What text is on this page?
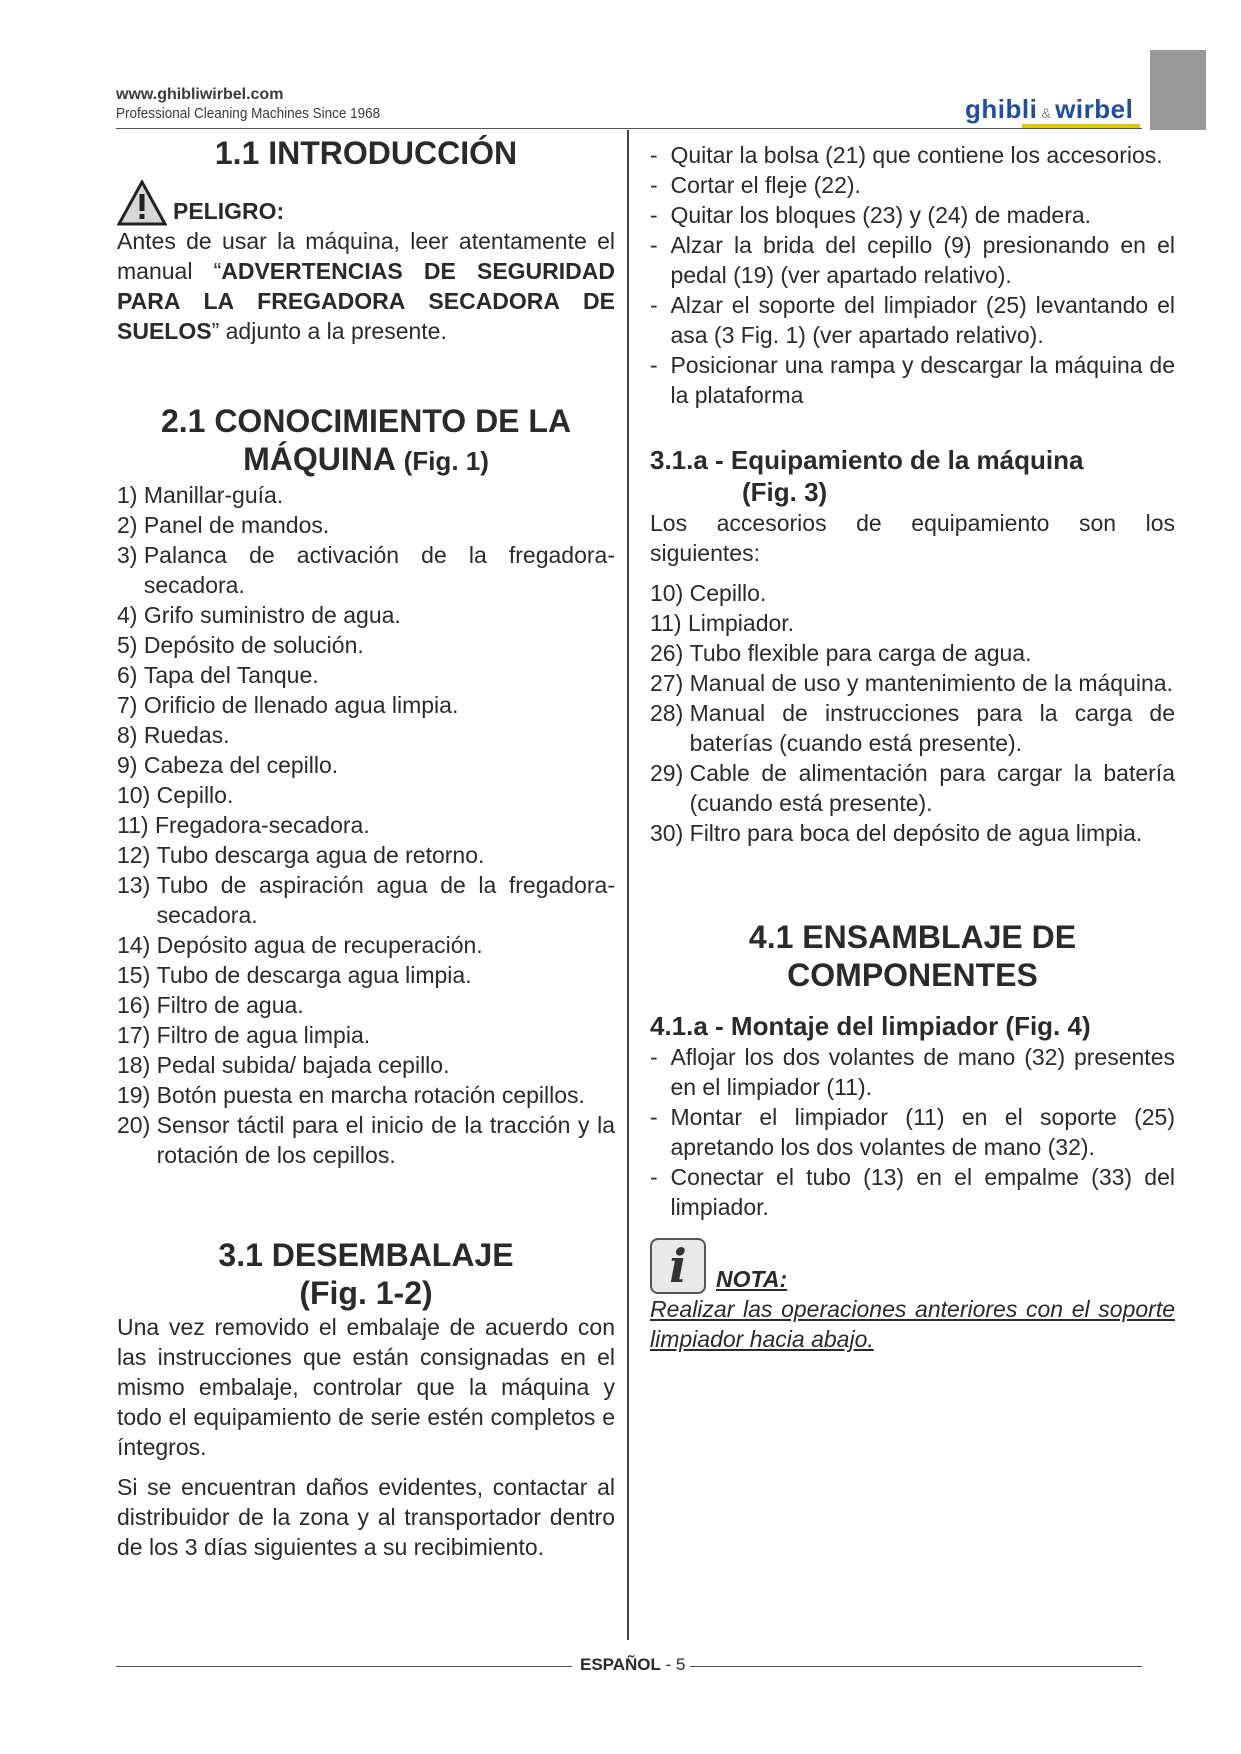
www.ghibliwirbel.com
Professional Cleaning Machines Since 1968	ghibli & wirbel
1.1 INTRODUCCIÓN
PELIGRO:

Antes de usar la máquina, leer atentamente el manual “ADVERTENCIAS DE SEGURIDAD PARA LA FREGADORA SECADORA DE SUELOS” adjunto a la presente.

2.1 CONOCIMIENTO DE LA
MÁQUINA (Fig. 1)
1) Manillar-guía.
2) Panel de mandos.
3) Palanca de activación de la fregadora-secadora.
4) Grifo suministro de agua.
5) Depósito de solución.
6) Tapa del Tanque.
7) Orificio de llenado agua limpia.
8) Ruedas.
9) Cabeza del cepillo.
10) Cepillo.
11) Fregadora-secadora.
12) Tubo descarga agua de retorno.
13) Tubo de aspiración agua de la fregadora-secadora.
14) Depósito agua de recuperación.
15) Tubo de descarga agua limpia.
16) Filtro de agua.
17) Filtro de agua limpia.
18) Pedal subida/ bajada cepillo.
19) Botón puesta en marcha rotación cepillos.
20) Sensor táctil para el inicio de la tracción y la rotación de los cepillos.
3.1 DESEMBALAJE
(Fig. 1-2)

Una vez removido el embalaje de acuerdo con las instrucciones que están consignadas en el mismo embalaje, controlar que la máquina y todo el equipamiento de serie estén completos e íntegros.

Si se encuentran daños evidentes, contactar al distribuidor de la zona y al transportador dentro de los 3 días siguientes a su recibimiento.

- Quitar la bolsa (21) que contiene los accesorios.
- Cortar el fleje (22).
- Quitar los bloques (23) y (24) de madera.
- Alzar la brida del cepillo (9) presionando en el pedal (19) (ver apartado relativo).
- Alzar el soporte del limpiador (25) levantando el asa (3 Fig. 1) (ver apartado relativo).
- Posicionar una rampa y descargar la máquina de la plataforma
3.1.a - Equipamiento de la máquina
(Fig. 3)

Los accesorios de equipamiento son los siguientes:

10) Cepillo.
11) Limpiador.
26) Tubo flexible para carga de agua.
27) Manual de uso y mantenimiento de la máquina.
28) Manual de instrucciones para la carga de baterías (cuando está presente).
29) Cable de alimentación para cargar la batería (cuando está presente).
30) Filtro para boca del depósito de agua limpia.
4.1 ENSAMBLAJE DE
COMPONENTES
4.1.a - Montaje del limpiador (Fig. 4)
- Aflojar los dos volantes de mano (32) presentes en el limpiador (11).
- Montar el limpiador (11) en el soporte (25) apretando los dos volantes de mano (32).
- Conectar el tubo (13) en el empalme (33) del limpiador.
i	NOTA:

Realizar las operaciones anteriores con el soporte limpiador hacia abajo.

ESPAÑOL - 5
